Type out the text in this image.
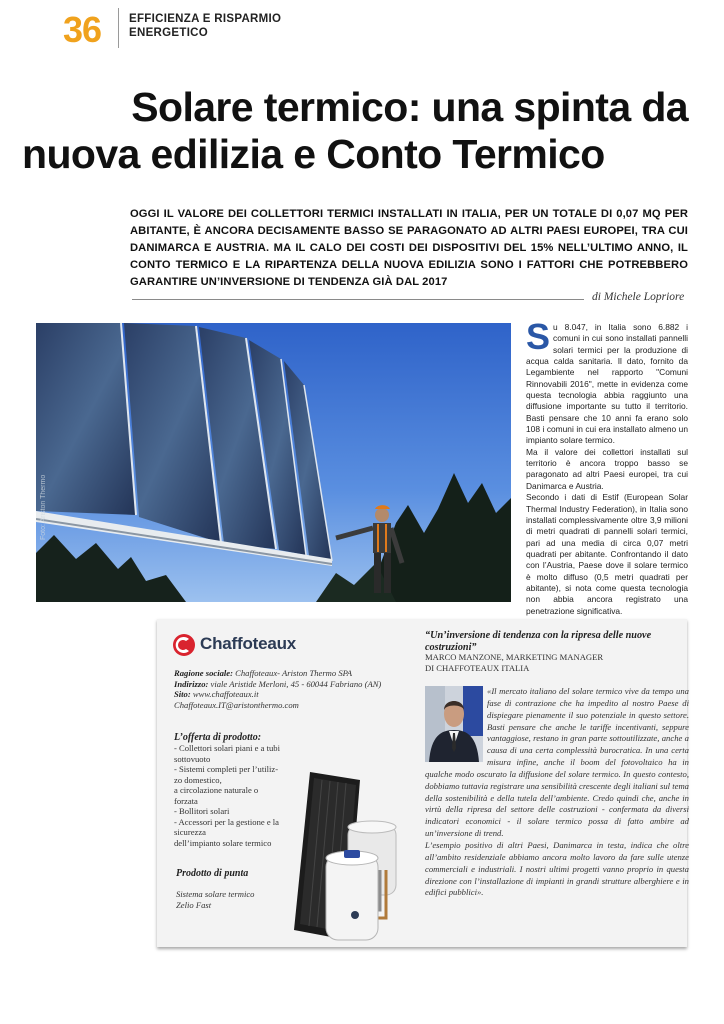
36 EFFICIENZA E RISPARMIO
ENERGETICO
Solare termico: una spinta da
nuova edilizia e Conto Termico
OGGI IL VALORE DEI COLLETTORI TERMICI INSTALLATI IN ITALIA, PER UN TOTALE DI 0,07 MQ PER ABITANTE, È ANCORA DECISAMENTE BASSO SE PARAGONATO AD ALTRI PAESI EUROPEI, TRA CUI DANIMARCA E AUSTRIA. MA IL CALO DEI COSTI DEI DISPOSITIVI DEL 15% NELL’ULTIMO ANNO, IL CONTO TERMICO E LA RIPARTENZA DELLA NUOVA EDILIZIA SONO I FATTORI CHE POTREBBERO GARANTIRE UN’INVERSIONE DI TENDENZA GIÀ DAL 2017
di Michele Lopriore
Foto: Ariston Thermo

Su 8.047, in Italia sono 6.882 i comuni in cui sono installati pannelli solari termici per la produzione di acqua calda sanitaria. Il dato, fornito da Legambiente nel rapporto "Comuni Rinnovabili 2016", mette in evidenza come questa tecnologia abbia raggiunto una diffusione importante su tutto il territorio. Basti pensare che 10 anni fa erano solo 108 i comuni in cui era installato almeno un impianto solare termico.

Ma il valore dei collettori installati sul territorio è ancora troppo basso se paragonato ad altri Paesi europei, tra cui Danimarca e Austria.

Secondo i dati di Estif (European Solar Thermal Industry Federation), in Italia sono installati complessivamente oltre 3,9 milioni di metri quadrati di pannelli solari termici, pari ad una media di circa 0,07 metri quadrati per abitante. Confrontando il dato con l’Austria, Paese dove il solare termico è molto diffuso (0,5 metri quadrati per abitante), si nota come questa tecnologia non abbia ancora registrato una penetrazione significativa.

Chaffoteaux
Ragione sociale: Chaffoteaux- Ariston Thermo SPA
Indirizzo: viale Aristide Merloni, 45 - 60044 Fabriano (AN)
Sito: www.chaffoteaux.it
Chaffoteaux.IT@aristonthermo.com
L’offerta di prodotto:
- Collettori solari piani e a tubi sottovuoto
- Sistemi completi per l’utiliz-
zo domestico,
a circolazione naturale o
forzata
- Bollitori solari
- Accessori per la gestione e la
sicurezza
dell’impianto solare termico
Prodotto di punta
Sistema solare termico
Zelio Fast
“Un’inversione di tendenza con la ripresa delle nuove costruzioni”
MARCO MANZONE, MARKETING MANAGER
DI CHAFFOTEAUX ITALIA

«Il mercato italiano del solare termico vive da tempo una fase di contrazione che ha impedito al nostro Paese di dispiegare pienamente il suo potenziale in questo settore. Basti pensare che anche le tariffe incentivanti, seppure vantaggiose, restano in gran parte sottoutilizzate, anche a causa di una certa complessità burocratica. In una certa misura infine, anche il boom del fotovoltaico ha in qualche modo oscurato la diffusione del solare termico. In questo contesto, dobbiamo tuttavia registrare una sensibilità crescente degli italiani sul tema della sostenibilità e della tutela dell’ambiente. Credo quindi che, anche in virtù della ripresa del settore delle costruzioni - confermata da diversi indicatori economici - il solare termico possa di fatto ambire ad un’inversione di trend.

L’esempio positivo di altri Paesi, Danimarca in testa, indica che oltre all’ambito residenziale abbiamo ancora molto lavoro da fare sulle utenze commerciali e industriali. I nostri ultimi progetti vanno proprio in questa direzione con l’installazione di impianti in grandi strutture alberghiere e in edifici pubblici».
